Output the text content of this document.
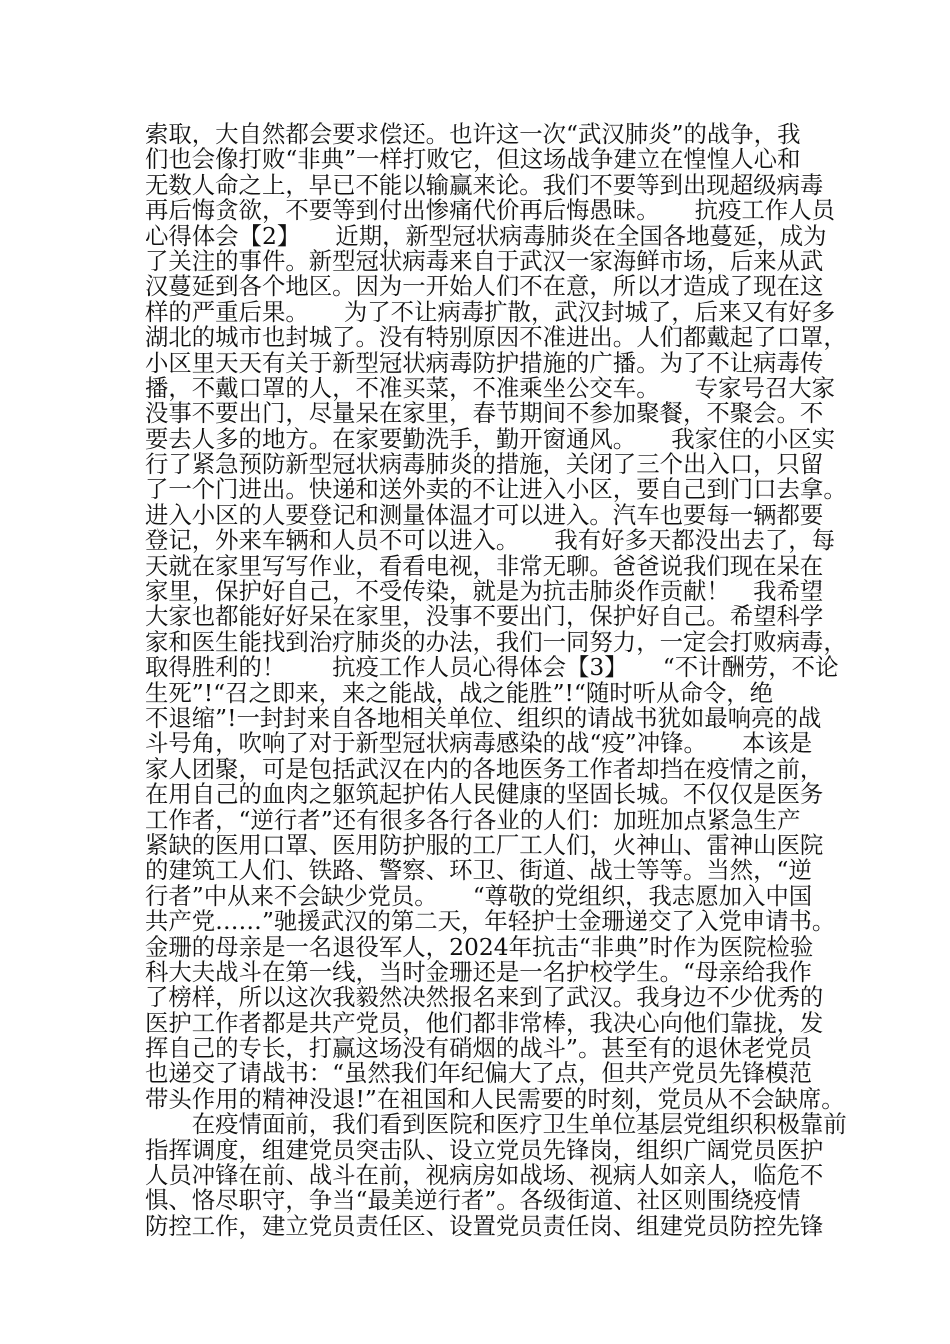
索取，大自然都会要求偿还。也许这一次“武汉肺炎”的战争，我
们也会像打败“非典”一样打败它，但这场战争建立在惶惶人心和
无数人命之上，早已不能以输赢来论。我们不要等到出现超级病毒
再后悔贪欲，不要等到付出惨痛代价再后悔愚昧。　　抗疫工作人员
心得体会【2】　　近期，新型冠状病毒肺炎在全国各地蔓延，成为
了关注的事件。新型冠状病毒来自于武汉一家海鲜市场，后来从武
汉蔓延到各个地区。因为一开始人们不在意，所以才造成了现在这
样的严重后果。　　为了不让病毒扩散，武汉封城了，后来又有好多
湖北的城市也封城了。没有特别原因不准进出。人们都戴起了口罩，
小区里天天有关于新型冠状病毒防护措施的广播。为了不让病毒传
播，不戴口罩的人，不准买菜，不准乘坐公交车。　　专家号召大家
没事不要出门，尽量呆在家里，春节期间不参加聚餐，不聚会。不
要去人多的地方。在家要勤洗手，勤开窗通风。　　我家住的小区实
行了紧急预防新型冠状病毒肺炎的措施，关闭了三个出入口，只留
了一个门进出。快递和送外卖的不让进入小区，要自己到门口去拿。
进入小区的人要登记和测量体温才可以进入。汽车也要每一辆都要
登记，外来车辆和人员不可以进入。　　我有好多天都没出去了，每
天就在家里写写作业，看看电视，非常无聊。爸爸说我们现在呆在
家里，保护好自己，不受传染，就是为抗击肺炎作贡献！　我希望
大家也都能好好呆在家里，没事不要出门，保护好自己。希望科学
家和医生能找到治疗肺炎的办法，我们一同努力，一定会打败病毒，
取得胜利的！　　抗疫工作人员心得体会【3】　　“不计酬劳，不论
生死”!“召之即来，来之能战，战之能胜”!“随时听从命令，绝
不退缩”!一封封来自各地相关单位、组织的请战书犹如最响亮的战
斗号角，吹响了对于新型冠状病毒感染的战“疫”冲锋。　　本该是
家人团聚，可是包括武汉在内的各地医务工作者却挡在疫情之前，
在用自己的血肉之躯筑起护佑人民健康的坚固长城。不仅仅是医务
工作者，“逆行者”还有很多各行各业的人们：加班加点紧急生产
紧缺的医用口罩、医用防护服的工厂工人们，火神山、雷神山医院
的建筑工人们、铁路、警察、环卫、街道、战士等等。当然，“逆
行者”中从来不会缺少党员。　　“尊敬的党组织，我志愿加入中国
共产党……”驰援武汉的第二天，年轻护士金珊递交了入党申请书。
金珊的母亲是一名退役军人，2024年抗击“非典”时作为医院检验
科大夫战斗在第一线，当时金珊还是一名护校学生。“母亲给我作
了榜样，所以这次我毅然决然报名来到了武汉。我身边不少优秀的
医护工作者都是共产党员，他们都非常棒，我决心向他们靠拢，发
挥自己的专长，打赢这场没有硝烟的战斗”。甚至有的退休老党员
也递交了请战书：“虽然我们年纪偏大了点，但共产党员先锋模范
带头作用的精神没退!”在祖国和人民需要的时刻，党员从不会缺席。
　　在疫情面前，我们看到医院和医疗卫生单位基层党组织积极靠前
指挥调度，组建党员突击队、设立党员先锋岗，组织广阔党员医护
人员冲锋在前、战斗在前，视病房如战场、视病人如亲人，临危不
惧、恪尽职守，争当“最美逆行者”。各级街道、社区则围绕疫情
防控工作，建立党员责任区、设置党员责任岗、组建党员防控先锋
